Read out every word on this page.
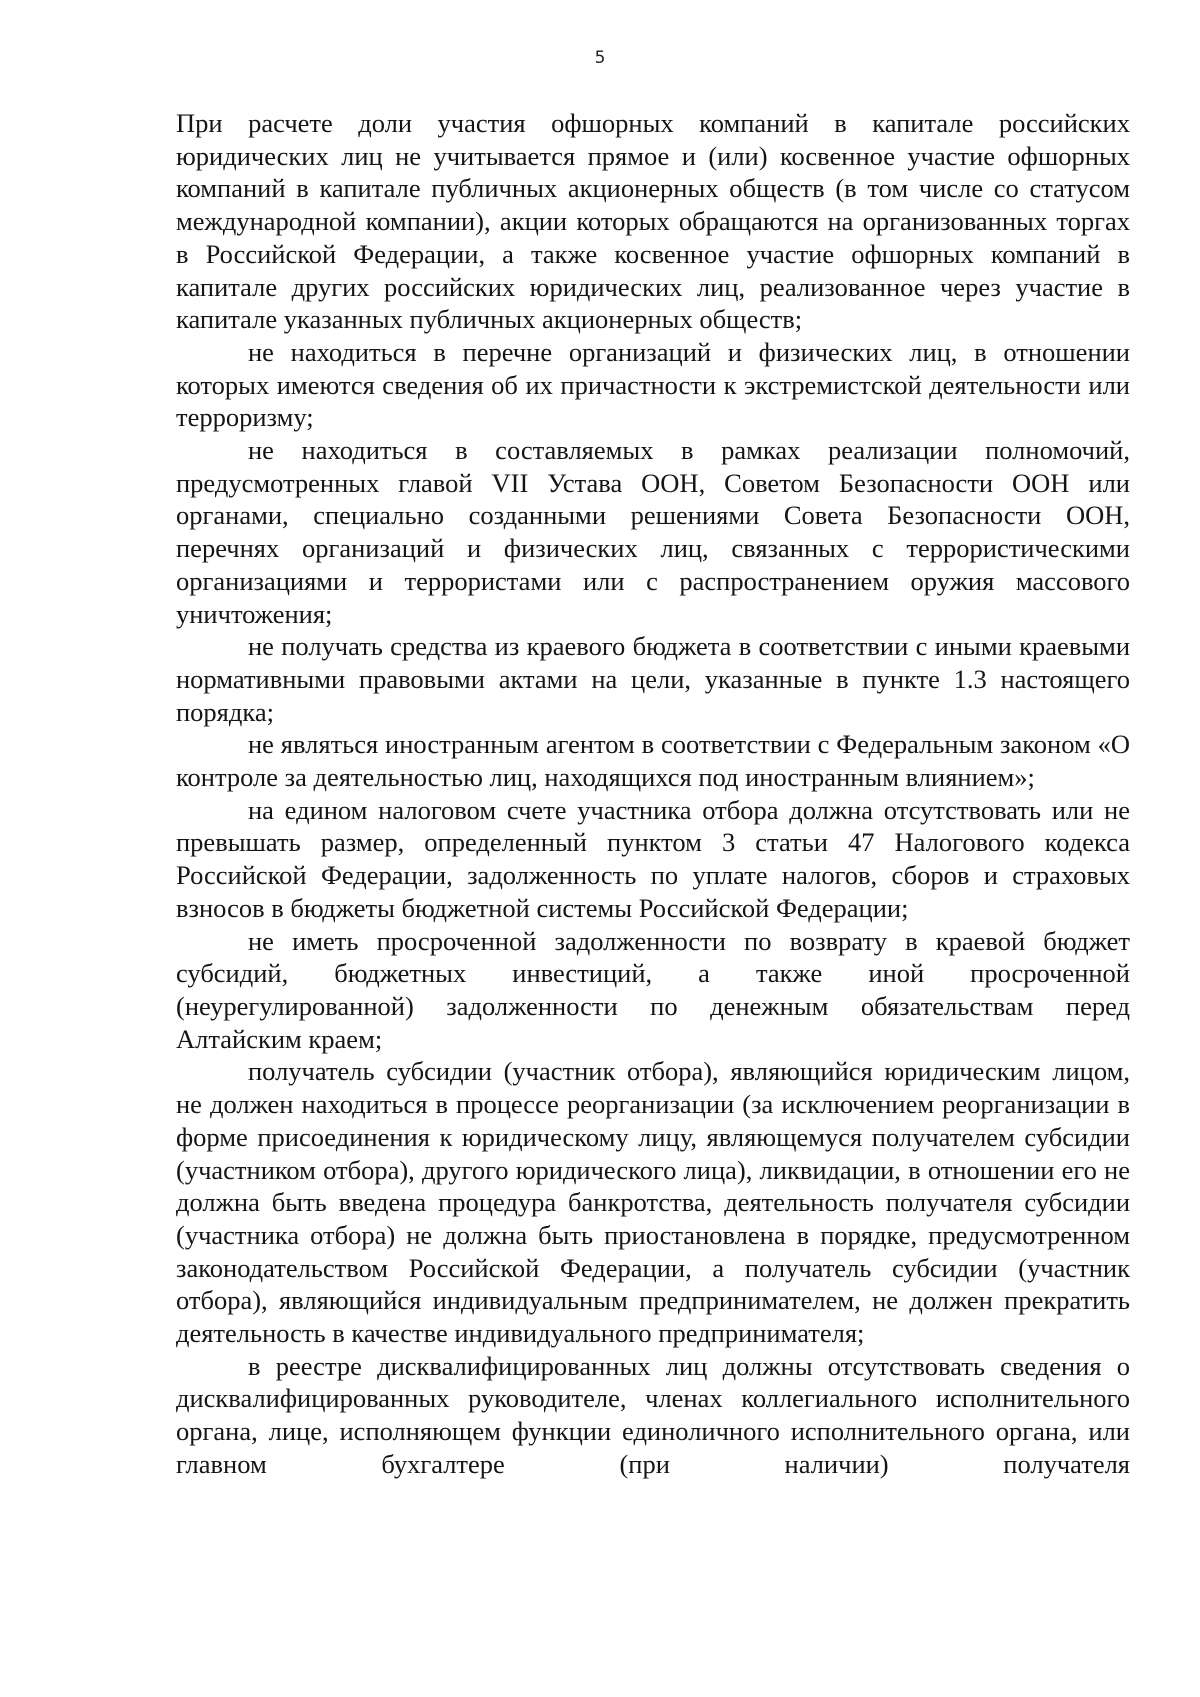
5

При расчете доли участия офшорных компаний в капитале российских юридических лиц не учитывается прямое и (или) косвенное участие офшорных компаний в капитале публичных акционерных обществ (в том числе со статусом международной компании), акции которых обращаются на организованных торгах в Российской Федерации, а также косвенное участие офшорных компаний в капитале других российских юридических лиц, реализованное через участие в капитале указанных публичных акционерных обществ;

не находиться в перечне организаций и физических лиц, в отношении которых имеются сведения об их причастности к экстремистской деятельности или терроризму;

не находиться в составляемых в рамках реализации полномочий, предусмотренных главой VII Устава ООН, Советом Безопасности ООН или органами, специально созданными решениями Совета Безопасности ООН, перечнях организаций и физических лиц, связанных с террористическими организациями и террористами или с распространением оружия массового уничтожения;

не получать средства из краевого бюджета в соответствии с иными краевыми нормативными правовыми актами на цели, указанные в пункте 1.3 настоящего порядка;

не являться иностранным агентом в соответствии с Федеральным законом «О контроле за деятельностью лиц, находящихся под иностранным влиянием»;

на едином налоговом счете участника отбора должна отсутствовать или не превышать размер, определенный пунктом 3 статьи 47 Налогового кодекса Российской Федерации, задолженность по уплате налогов, сборов и страховых взносов в бюджеты бюджетной системы Российской Федерации;

не иметь просроченной задолженности по возврату в краевой бюджет субсидий, бюджетных инвестиций, а также иной просроченной (неурегулированной) задолженности по денежным обязательствам перед Алтайским краем;

получатель субсидии (участник отбора), являющийся юридическим лицом, не должен находиться в процессе реорганизации (за исключением реорганизации в форме присоединения к юридическому лицу, являющемуся получателем субсидии (участником отбора), другого юридического лица), ликвидации, в отношении его не должна быть введена процедура банкротства, деятельность получателя субсидии (участника отбора) не должна быть приостановлена в порядке, предусмотренном законодательством Российской Федерации, а получатель субсидии (участник отбора), являющийся индивидуальным предпринимателем, не должен прекратить деятельность в качестве индивидуального предпринимателя;

в реестре дисквалифицированных лиц должны отсутствовать сведения о дисквалифицированных руководителе, членах коллегиального исполнительного органа, лице, исполняющем функции единоличного исполнительного органа, или главном бухгалтере (при наличии) получателя
